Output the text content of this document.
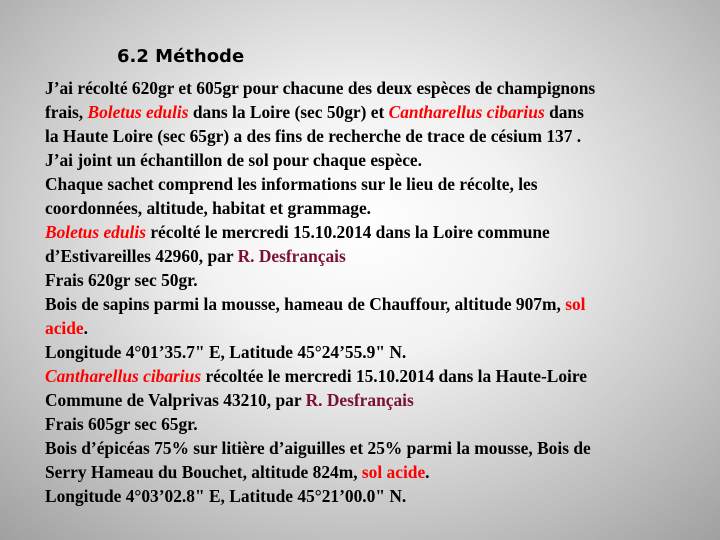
6.2 Méthode
J’ai récolté 620gr et 605gr pour chacune des deux espèces de champignons
frais, Boletus edulis dans la Loire (sec 50gr) et Cantharellus cibarius dans
la Haute Loire (sec 65gr) a des fins de recherche de trace de césium 137 .
J’ai joint un échantillon de sol pour chaque espèce.
Chaque sachet comprend les informations sur le lieu de récolte, les
coordonnées, altitude, habitat et grammage.
Boletus edulis récolté le mercredi 15.10.2014 dans la Loire commune
d’Estivareilles 42960, par R. Desfrançais
Frais 620gr sec 50gr.
Bois de sapins parmi la mousse, hameau de Chauffour, altitude 907m, sol
acide.
Longitude 4°01’35.7" E, Latitude 45°24’55.9" N.
Cantharellus cibarius récoltée le mercredi 15.10.2014 dans la Haute-Loire
Commune de Valprivas 43210, par R. Desfrançais
Frais 605gr sec 65gr.
Bois d’épicéas 75% sur litière d’aiguilles et 25% parmi la mousse, Bois de
Serry Hameau du Bouchet, altitude 824m, sol acide.
Longitude 4°03’02.8" E, Latitude 45°21’00.0" N.
